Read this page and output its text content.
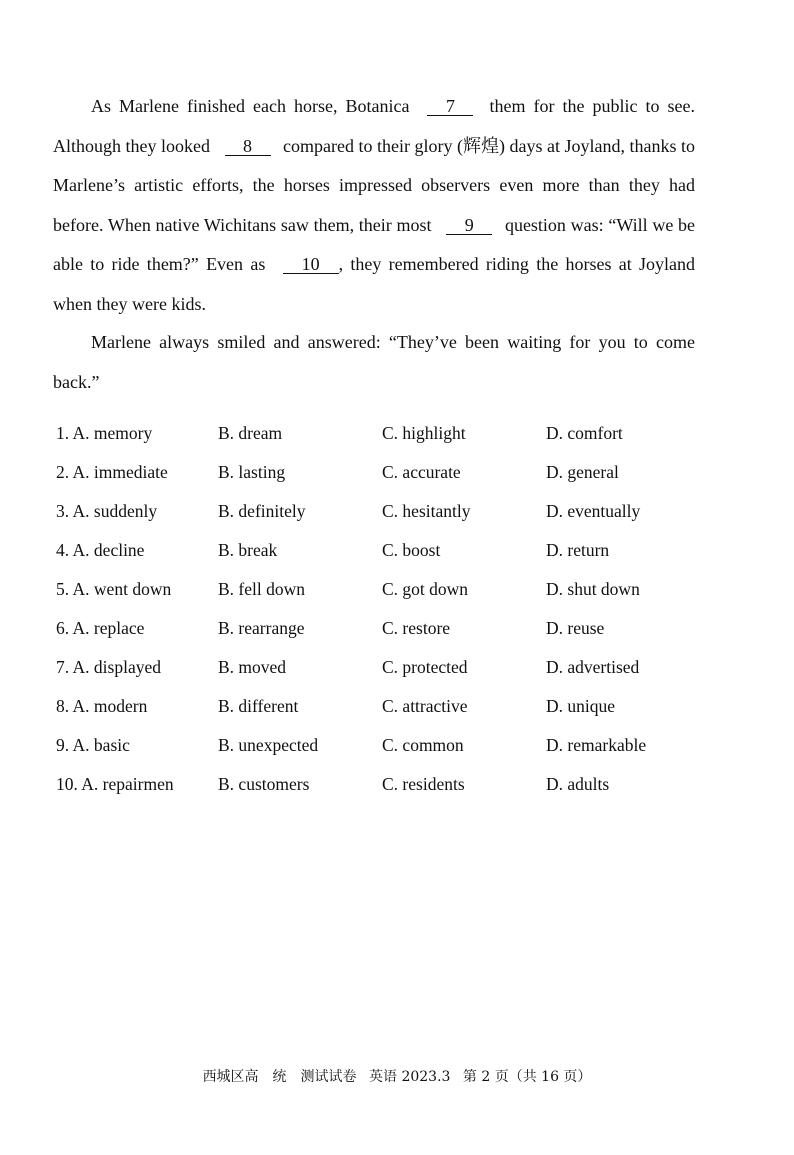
As Marlene finished each horse, Botanica 7 them for the public to see. Although they looked 8 compared to their glory (辉煌) days at Joyland, thanks to Marlene’s artistic efforts, the horses impressed observers even more than they had before. When native Wichitans saw them, their most 9 question was: “Will we be able to ride them?” Even as 10 , they remembered riding the horses at Joyland when they were kids.
Marlene always smiled and answered: “They’ve been waiting for you to come back.”
1. A. memory	B. dream	C. highlight	D. comfort
2. A. immediate	B. lasting	C. accurate	D. general
3. A. suddenly	B. definitely	C. hesitantly	D. eventually
4. A. decline	B. break	C. boost	D. return
5. A. went down	B. fell down	C. got down	D. shut down
6. A. replace	B. rearrange	C. restore	D. reuse
7. A. displayed	B. moved	C. protected	D. advertised
8. A. modern	B. different	C. attractive	D. unique
9. A. basic	B. unexpected	C. common	D. remarkable
10. A. repairmen	B. customers	C. residents	D. adults
西城区高　统　测试试卷 英语 2023.3 第 2 页（共 16 页）
